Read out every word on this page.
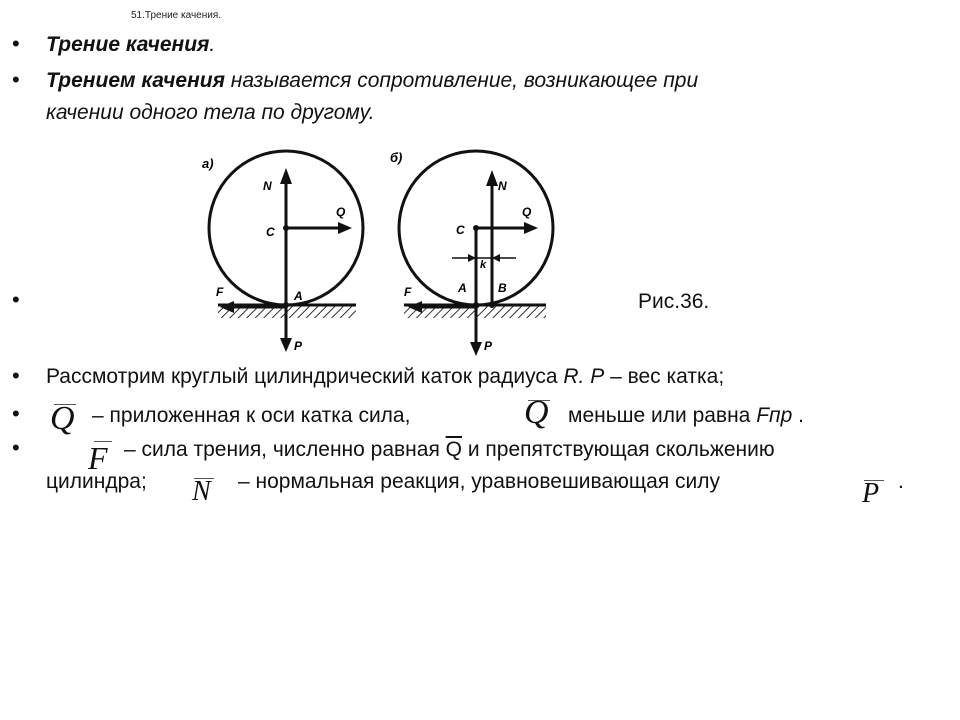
51.Трение качения.
• Трение качения.
• Трением качения называется сопротивление, возникающее при
качении одного тела по другому.
•
а)
N
C
Q
F	A
P
б)
P
N
C
Q
k
F	A	B
Рис.36.
• Рассмотрим круглый цилиндрический каток радиуса R. P – вес катка;
• Q – приложенная к оси катка сила,	Q меньше или равна Fпр .
• F – сила трения, численно равная $\overline{Q}$ и препятствующая скольжению
цилиндра; N – нормальная реакция, уравновешивающая силу	P .
